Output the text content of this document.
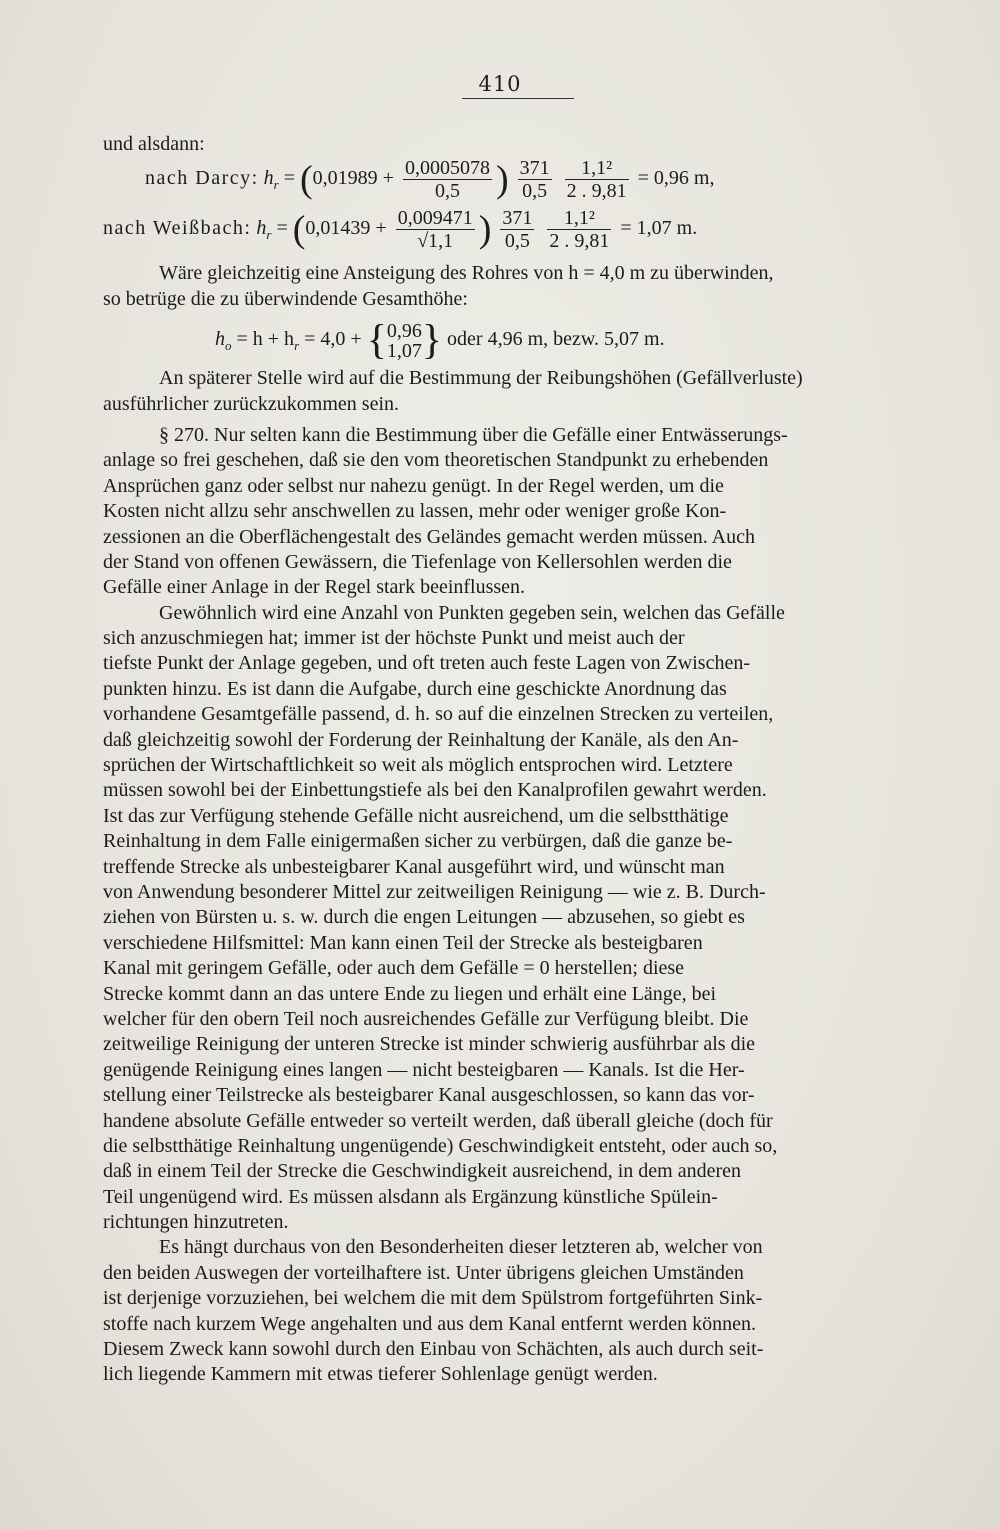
410
und alsdann:
nach Darcy: $h_r = (0,01989 + \frac{0,0005078}{0,5}$ ) $\frac{371}{0,5}$
$\frac{\text{1,1²}}{2 . 9,81} = 0,96$ m,
nach Weißbach: $h_r = (0,01439 + \frac{0,009471}{√1,1}$ ) $\frac{371}{0,5}$
$\frac{\text{1,1²}}{2 . 9,81} = 1,07$ m.
Wäre gleichzeitig eine Ansteigung des Rohres von h = 4,0 m zu überwinden,
so betrüge die zu überwindende Gesamthöhe:
$h_o = h + h_r = 4,0$ + { 0,96
1,07 } oder 4,96 m, bezw. 5,07 m.
An späterer Stelle wird auf die Bestimmung der Reibungshöhen (Gefällverluste)
ausführlicher zurückzukommen sein.
§ 270. Nur selten kann die Bestimmung über die Gefälle einer Entwässerungs-
anlage so frei geschehen, daß sie den vom theoretischen Standpunkt zu erhebenden
Ansprüchen ganz oder selbst nur nahezu genügt. In der Regel werden, um die
Kosten nicht allzu sehr anschwellen zu lassen, mehr oder weniger große Kon-
zessionen an die Oberflächengestalt des Geländes gemacht werden müssen. Auch
der Stand von offenen Gewässern, die Tiefenlage von Kellersohlen werden die
Gefälle einer Anlage in der Regel stark beeinflussen.
Gewöhnlich wird eine Anzahl von Punkten gegeben sein, welchen das Gefälle
sich anzuschmiegen hat; immer ist der höchste Punkt und meist auch der
tiefste Punkt der Anlage gegeben, und oft treten auch feste Lagen von Zwischen-
punkten hinzu. Es ist dann die Aufgabe, durch eine geschickte Anordnung das
vorhandene Gesamtgefälle passend, d. h. so auf die einzelnen Strecken zu verteilen,
daß gleichzeitig sowohl der Forderung der Reinhaltung der Kanäle, als den An-
sprüchen der Wirtschaftlichkeit so weit als möglich entsprochen wird. Letztere
müssen sowohl bei der Einbettungstiefe als bei den Kanalprofilen gewahrt werden.
Ist das zur Verfügung stehende Gefälle nicht ausreichend, um die selbstthätige
Reinhaltung in dem Falle einigermaßen sicher zu verbürgen, daß die ganze be-
treffende Strecke als unbesteigbarer Kanal ausgeführt wird, und wünscht man
von Anwendung besonderer Mittel zur zeitweiligen Reinigung — wie z. B. Durch-
ziehen von Bürsten u. s. w. durch die engen Leitungen — abzusehen, so giebt es
verschiedene Hilfsmittel: Man kann einen Teil der Strecke als besteigbaren
Kanal mit geringem Gefälle, oder auch dem Gefälle = 0 herstellen; diese
Strecke kommt dann an das untere Ende zu liegen und erhält eine Länge, bei
welcher für den obern Teil noch ausreichendes Gefälle zur Verfügung bleibt. Die
zeitweilige Reinigung der unteren Strecke ist minder schwierig ausführbar als die
genügende Reinigung eines langen — nicht besteigbaren — Kanals. Ist die Her-
stellung einer Teilstrecke als besteigbarer Kanal ausgeschlossen, so kann das vor-
handene absolute Gefälle entweder so verteilt werden, daß überall gleiche (doch für
die selbstthätige Reinhaltung ungenügende) Geschwindigkeit entsteht, oder auch so,
daß in einem Teil der Strecke die Geschwindigkeit ausreichend, in dem anderen
Teil ungenügend wird. Es müssen alsdann als Ergänzung künstliche Spülein-
richtungen hinzutreten.
Es hängt durchaus von den Besonderheiten dieser letzteren ab, welcher von
den beiden Auswegen der vorteilhaftere ist. Unter übrigens gleichen Umständen
ist derjenige vorzuziehen, bei welchem die mit dem Spülstrom fortgeführten Sink-
stoffe nach kurzem Wege angehalten und aus dem Kanal entfernt werden können.
Diesem Zweck kann sowohl durch den Einbau von Schächten, als auch durch seit-
lich liegende Kammern mit etwas tieferer Sohlenlage genügt werden.
